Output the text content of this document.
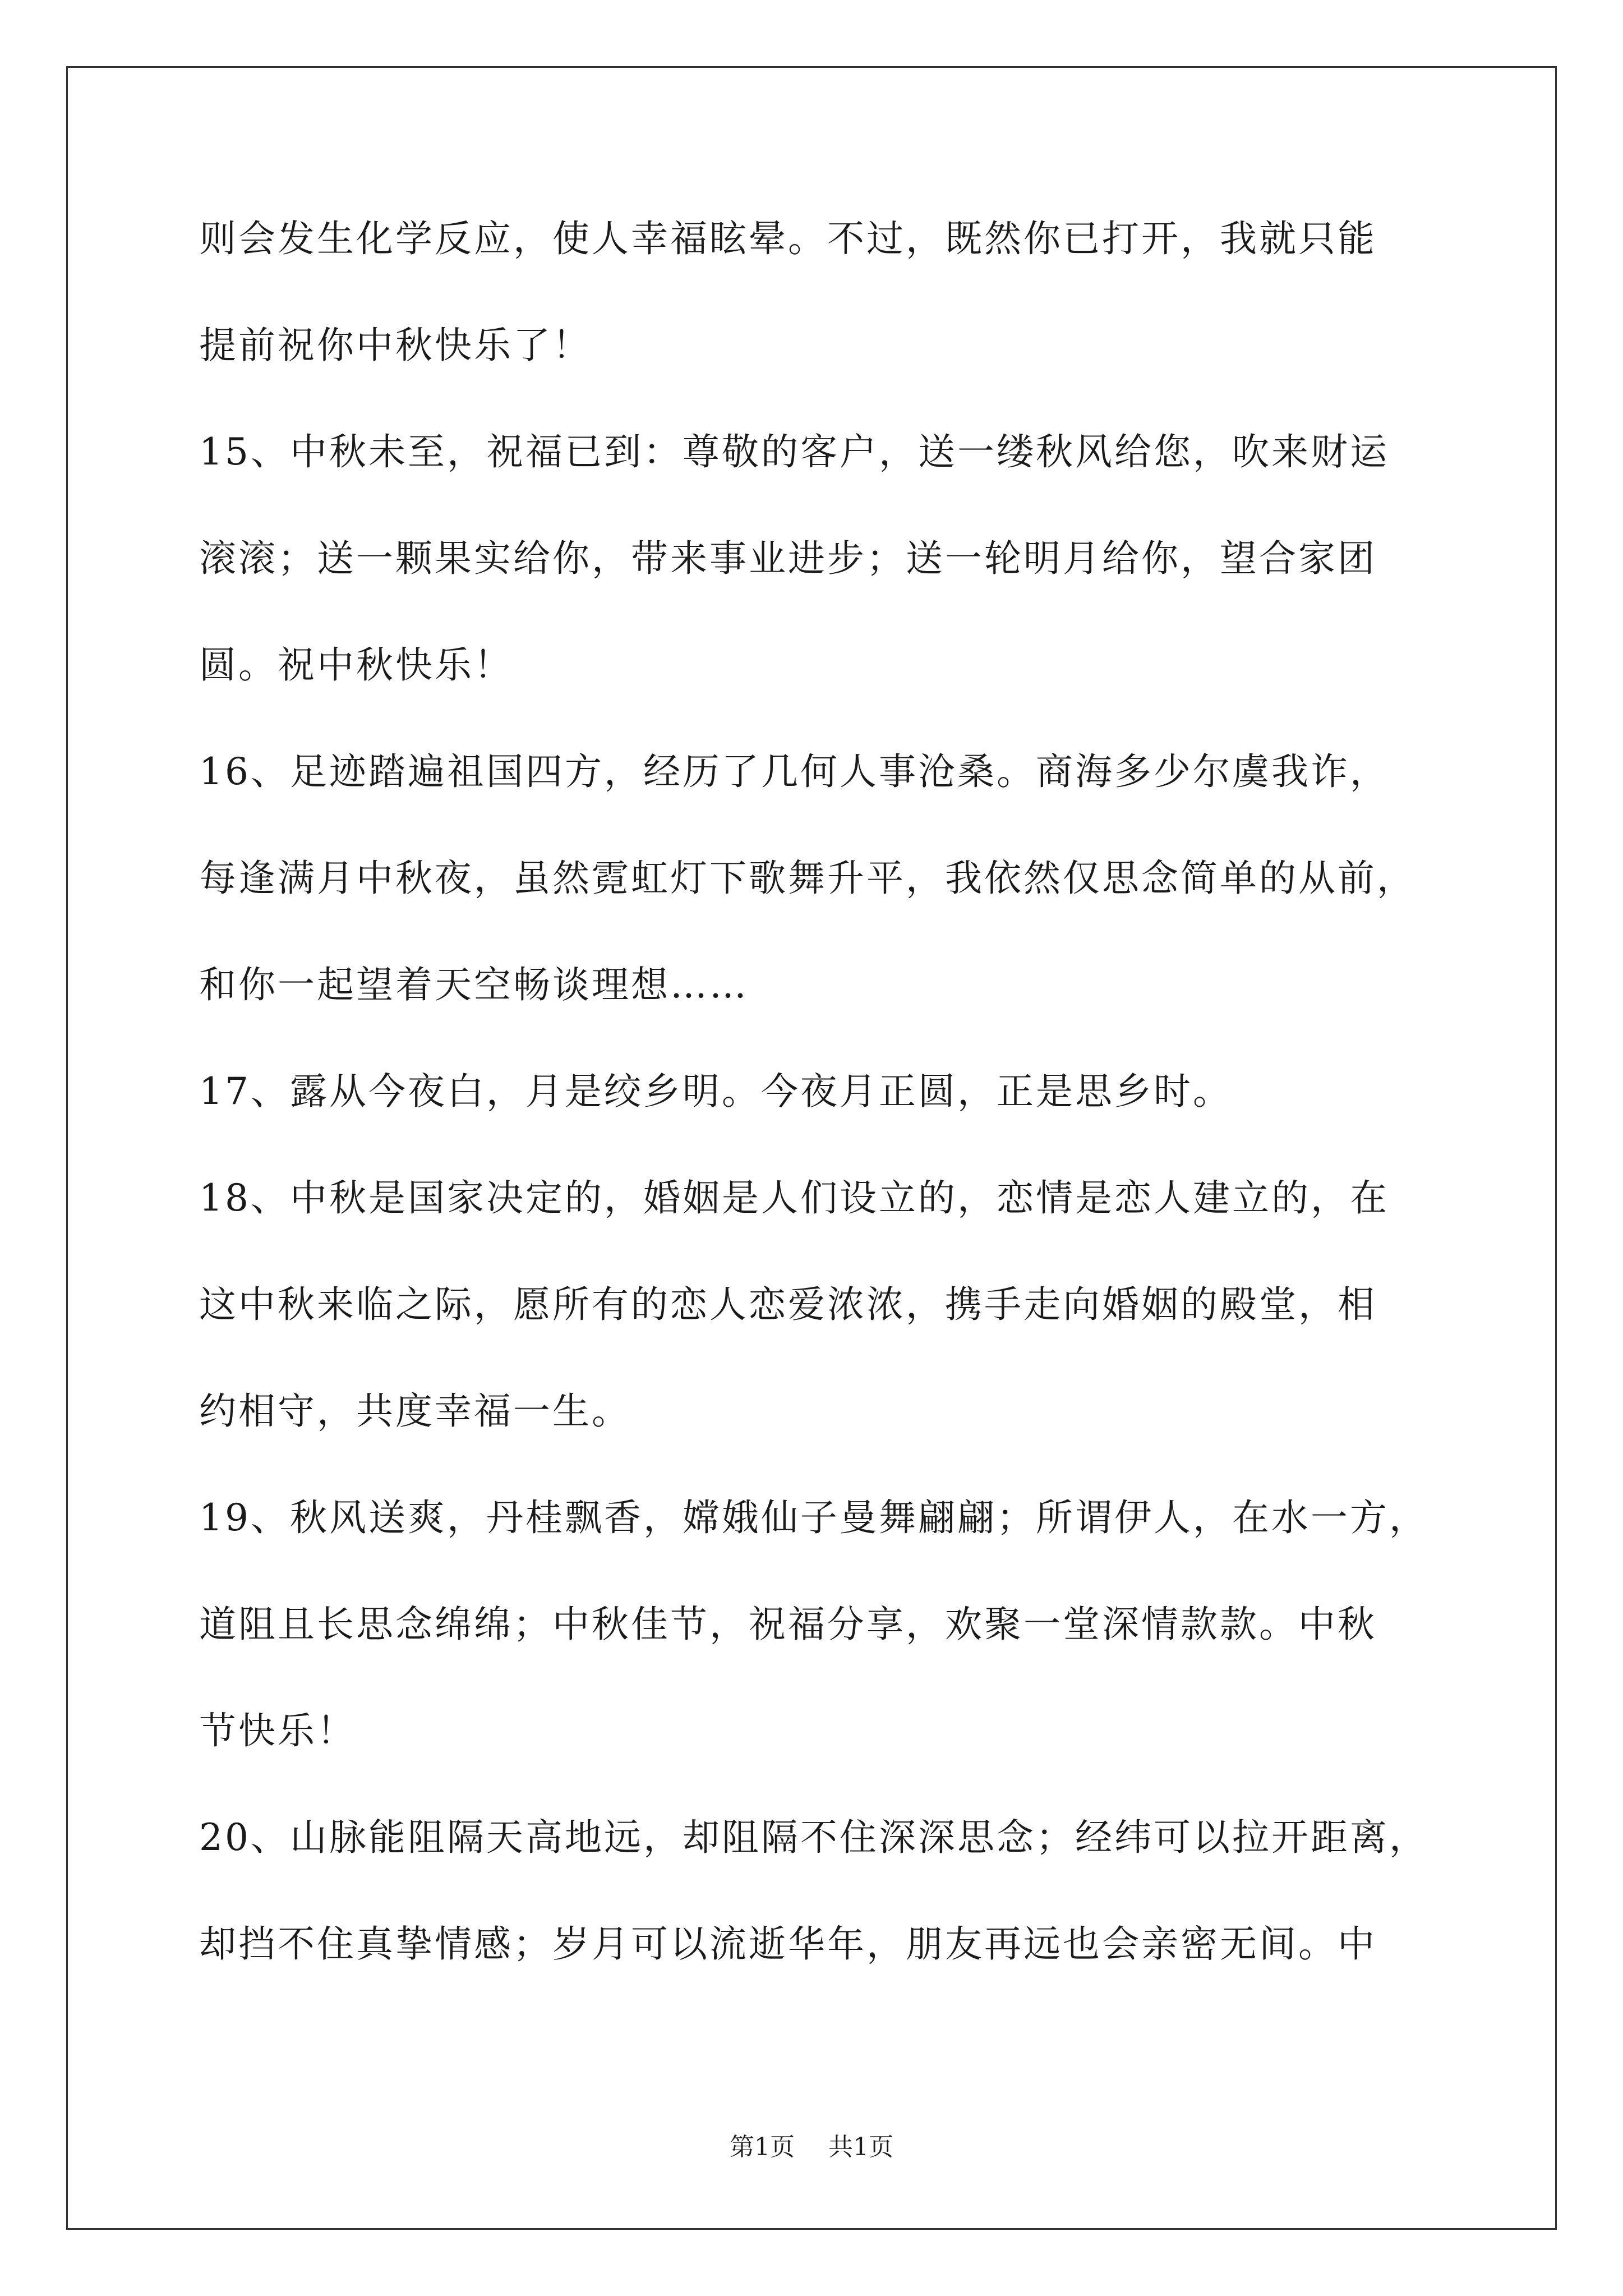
则会发生化学反应，使人幸福眩晕。不过，既然你已打开，我就只能
提前祝你中秋快乐了！
15、中秋未至，祝福已到：尊敬的客户，送一缕秋风给您，吹来财运
滚滚；送一颗果实给你，带来事业进步；送一轮明月给你，望合家团
圆。祝中秋快乐！
16、足迹踏遍祖国四方，经历了几何人事沧桑。商海多少尔虞我诈，
每逢满月中秋夜，虽然霓虹灯下歌舞升平，我依然仅思念简单的从前，
和你一起望着天空畅谈理想……
17、露从今夜白，月是绞乡明。今夜月正圆，正是思乡时。
18、中秋是国家决定的，婚姻是人们设立的，恋情是恋人建立的，在
这中秋来临之际，愿所有的恋人恋爱浓浓，携手走向婚姻的殿堂，相
约相守，共度幸福一生。
19、秋风送爽，丹桂飘香，嫦娥仙子曼舞翩翩；所谓伊人，在水一方，
道阻且长思念绵绵；中秋佳节，祝福分享，欢聚一堂深情款款。中秋
节快乐！
20、山脉能阻隔天高地远，却阻隔不住深深思念；经纬可以拉开距离，
却挡不住真挚情感；岁月可以流逝华年，朋友再远也会亲密无间。中
第1页 共1页
